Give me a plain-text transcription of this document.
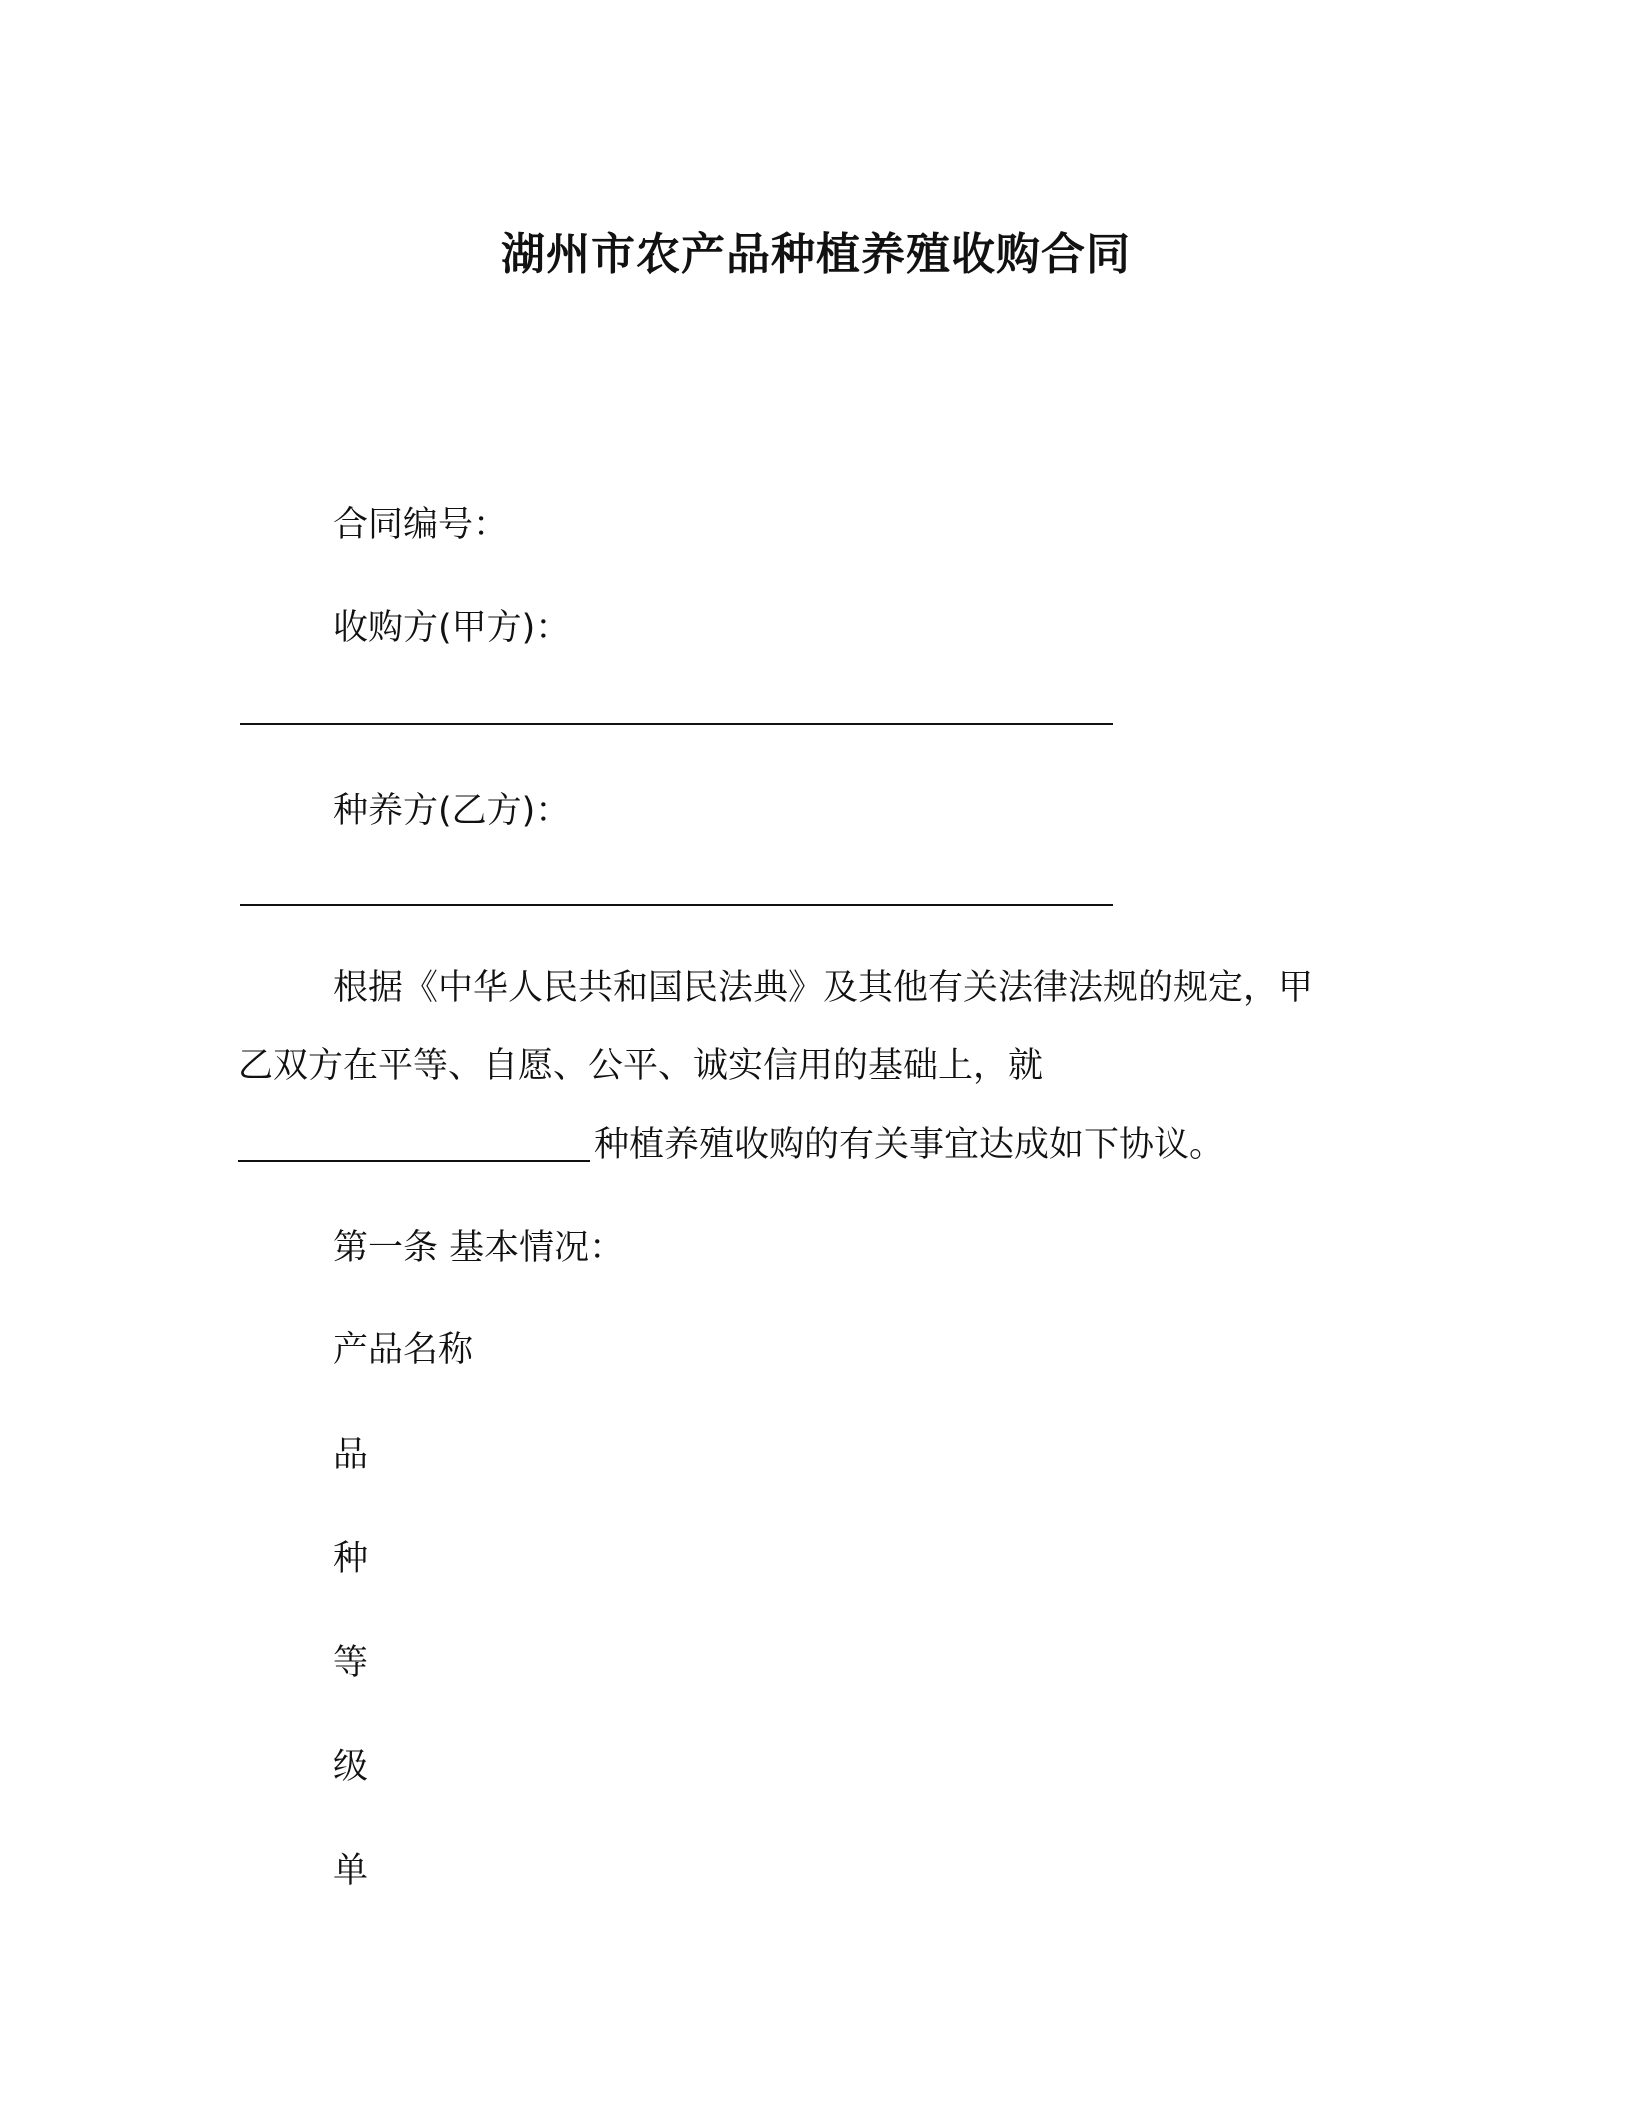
湖州市农产品种植养殖收购合同

合同编号：

收购方(甲方)：

种养方(乙方)：

根据《中华人民共和国民法典》及其他有关法律法规的规定，甲

乙双方在平等、自愿、公平、诚实信用的基础上，就

种植养殖收购的有关事宜达成如下协议。

第一条 基本情况：

产品名称

品

种

等

级

单
